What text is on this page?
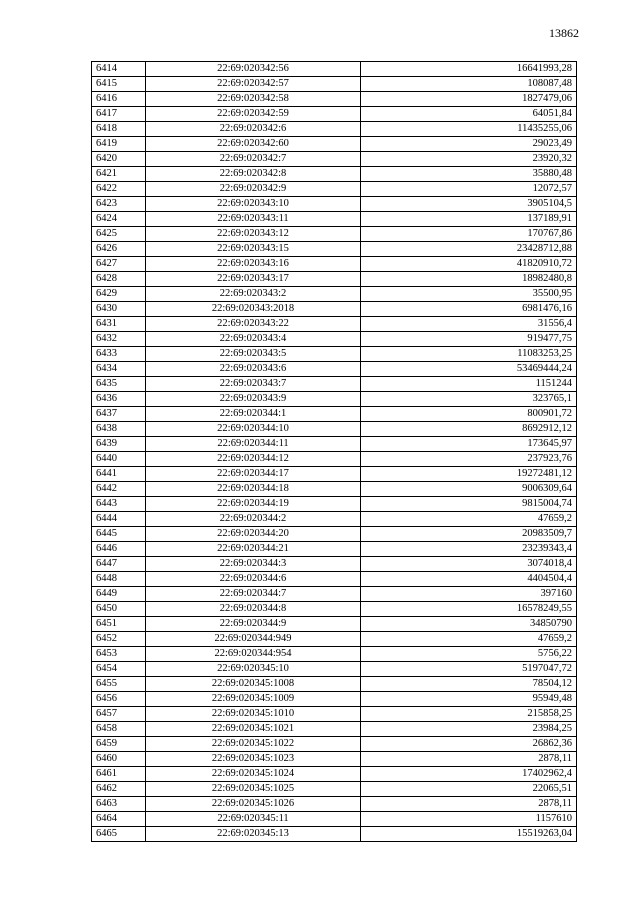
13862
6414	22:69:020342:56	16641993,28
6415	22:69:020342:57	108087,48
6416	22:69:020342:58	1827479,06
6417	22:69:020342:59	64051,84
6418	22:69:020342:6	11435255,06
6419	22:69:020342:60	29023,49
6420	22:69:020342:7	23920,32
6421	22:69:020342:8	35880,48
6422	22:69:020342:9	12072,57
6423	22:69:020343:10	3905104,5
6424	22:69:020343:11	137189,91
6425	22:69:020343:12	170767,86
6426	22:69:020343:15	23428712,88
6427	22:69:020343:16	41820910,72
6428	22:69:020343:17	18982480,8
6429	22:69:020343:2	35500,95
6430	22:69:020343:2018	6981476,16
6431	22:69:020343:22	31556,4
6432	22:69:020343:4	919477,75
6433	22:69:020343:5	11083253,25
6434	22:69:020343:6	53469444,24
6435	22:69:020343:7	1151244
6436	22:69:020343:9	323765,1
6437	22:69:020344:1	800901,72
6438	22:69:020344:10	8692912,12
6439	22:69:020344:11	173645,97
6440	22:69:020344:12	237923,76
6441	22:69:020344:17	19272481,12
6442	22:69:020344:18	9006309,64
6443	22:69:020344:19	9815004,74
6444	22:69:020344:2	47659,2
6445	22:69:020344:20	20983509,7
6446	22:69:020344:21	23239343,4
6447	22:69:020344:3	3074018,4
6448	22:69:020344:6	4404504,4
6449	22:69:020344:7	397160
6450	22:69:020344:8	16578249,55
6451	22:69:020344:9	34850790
6452	22:69:020344:949	47659,2
6453	22:69:020344:954	5756,22
6454	22:69:020345:10	5197047,72
6455	22:69:020345:1008	78504,12
6456	22:69:020345:1009	95949,48
6457	22:69:020345:1010	215858,25
6458	22:69:020345:1021	23984,25
6459	22:69:020345:1022	26862,36
6460	22:69:020345:1023	2878,11
6461	22:69:020345:1024	17402962,4
6462	22:69:020345:1025	22065,51
6463	22:69:020345:1026	2878,11
6464	22:69:020345:11	1157610
6465	22:69:020345:13	15519263,04
